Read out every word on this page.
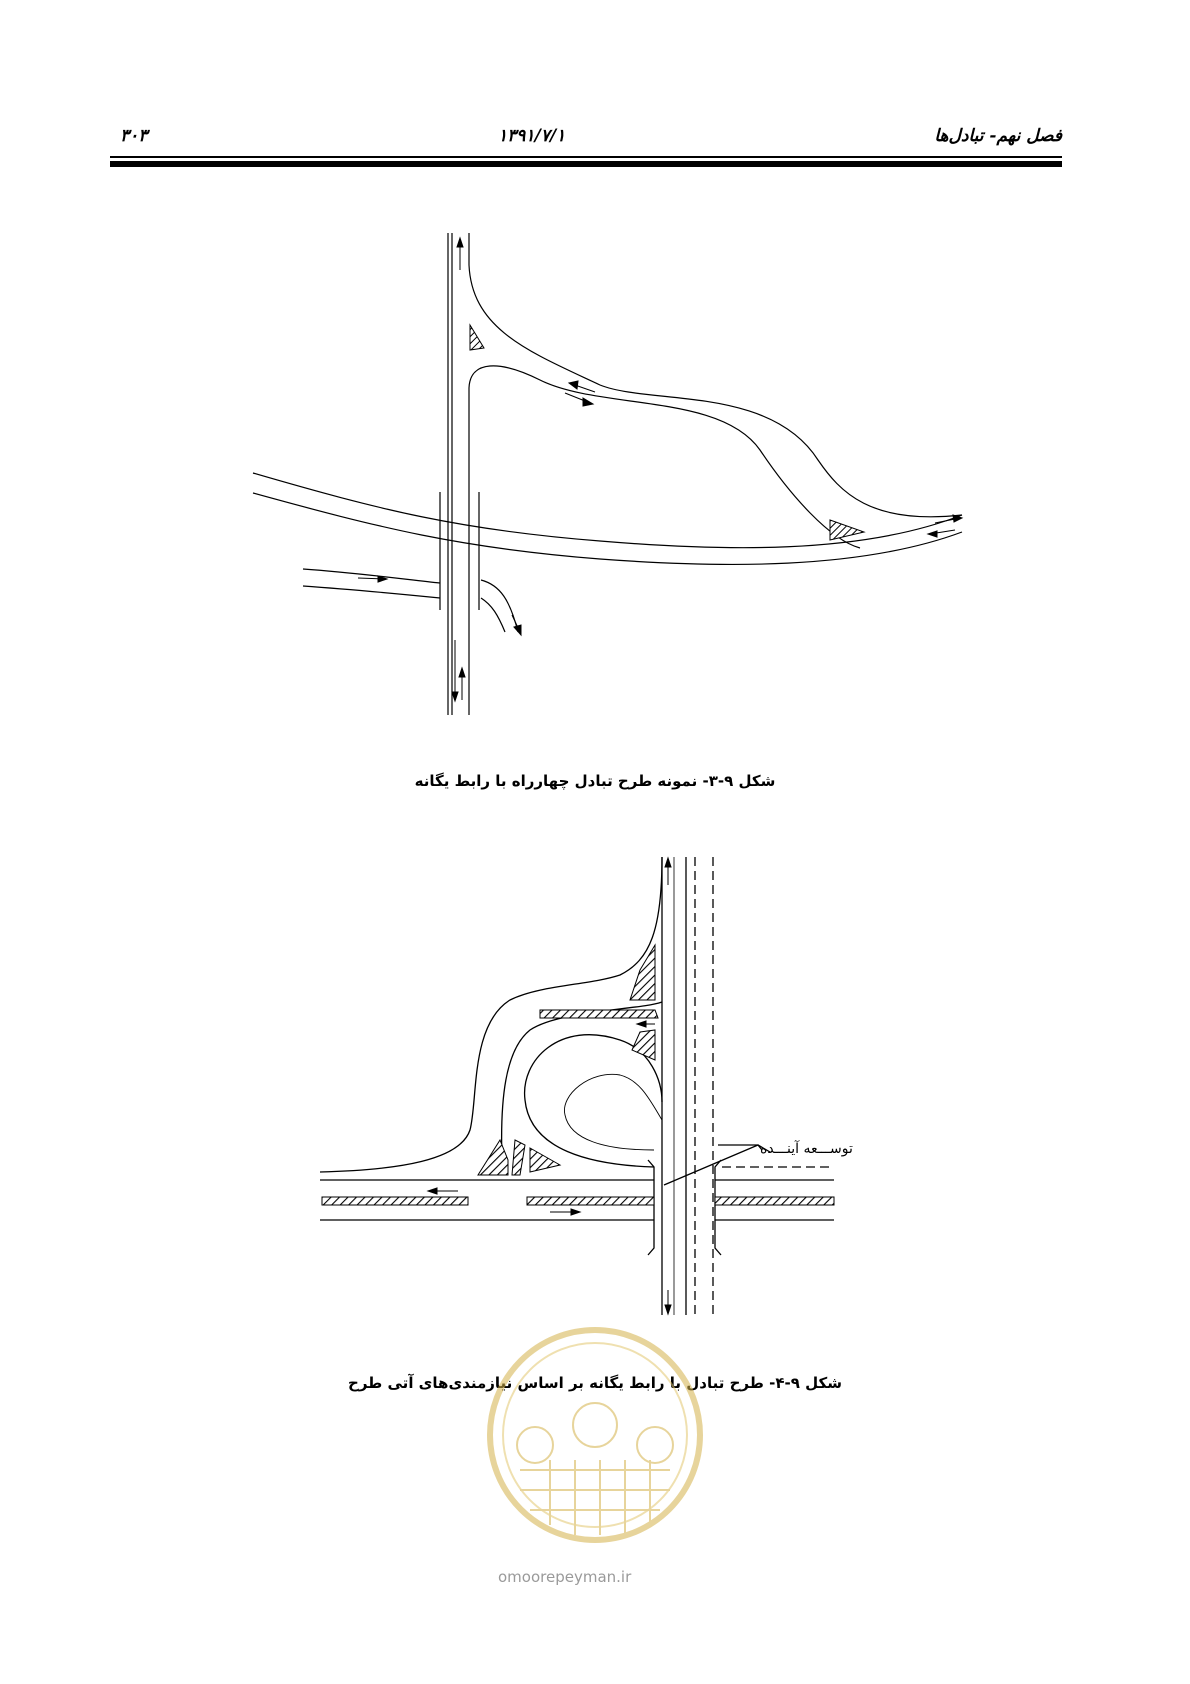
فصل نهم- تبادل‌ها
۱۳۹۱/۷/۱
۳۰۳
شکل ۹-۳- نمونه طرح تبادل چهارراه با رابط یگانه
توســـعه آینـــده
شکل ۹-۴- طرح تبادل با رابط یگانه بر اساس نیازمندی‌های آتی طرح
omoorepeyman.ir
